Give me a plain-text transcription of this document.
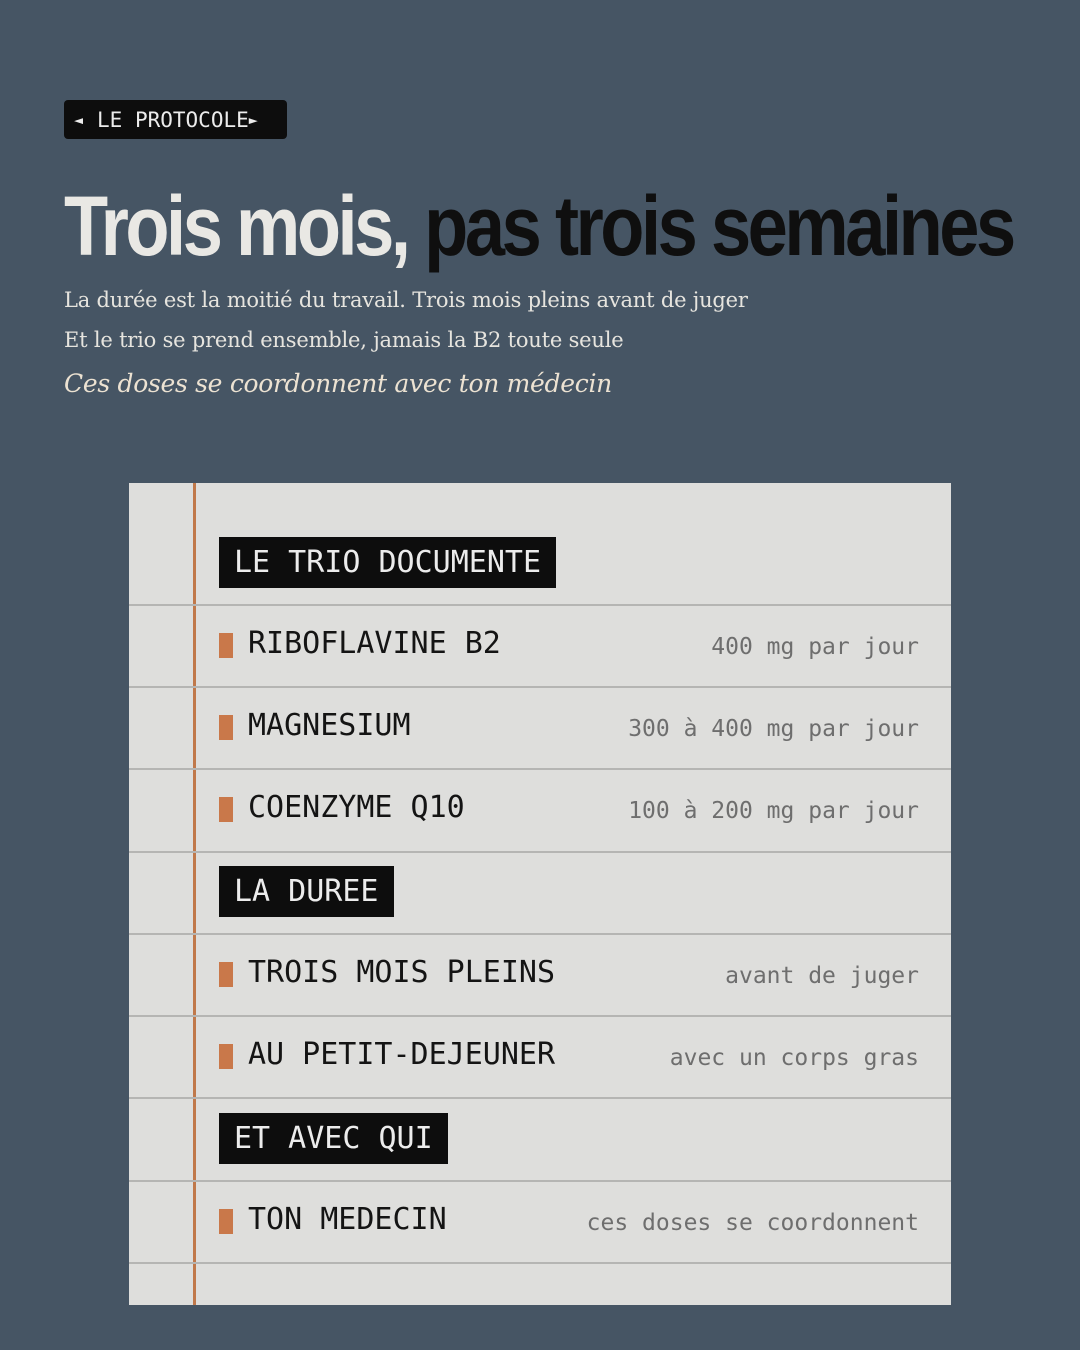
◄ LE PROTOCOLE ►
Trois mois, pas trois semaines

La durée est la moitié du travail. Trois mois pleins avant de juger

Et le trio se prend ensemble, jamais la B2 toute seule

Ces doses se coordonnent avec ton médecin

LE TRIO DOCUMENTE
RIBOFLAVINE B2	400 mg par jour
MAGNESIUM	300 à 400 mg par jour
COENZYME Q10	100 à 200 mg par jour
LA DUREE
TROIS MOIS PLEINS	avant de juger
AU PETIT-DEJEUNER	avec un corps gras
ET AVEC QUI
TON MEDECIN	ces doses se coordonnent
